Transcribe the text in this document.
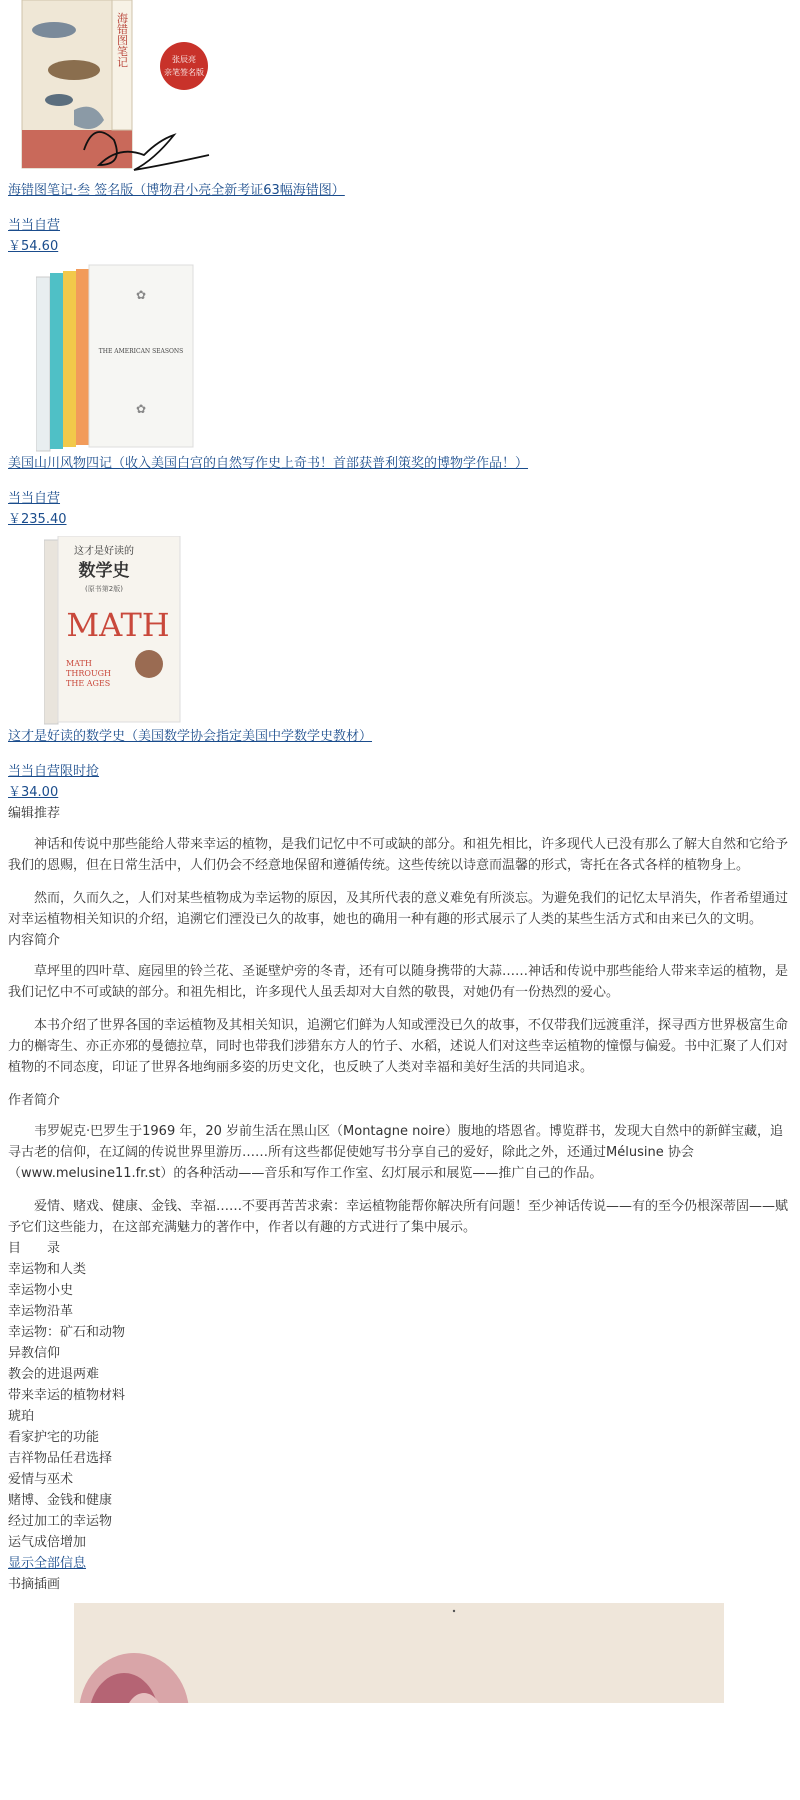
海错图笔记	张辰亮
亲笔签名版
海错图笔记·叁 签名版（博物君小亮全新考证63幅海错图）
当当自营
￥54.60
THE AMERICAN SEASONS
✿
✿
美国山川风物四记（收入美国白宫的自然写作史上奇书！首部获普利策奖的博物学作品！）
当当自营
￥235.40
这才是好读的
数学史
(原书第2版)
MATH
MATH
THROUGH
THE AGES
这才是好读的数学史（美国数学协会指定美国中学数学史教材）
当当自营限时抢
￥34.00
编辑推荐

神话和传说中那些能给人带来幸运的植物，是我们记忆中不可或缺的部分。和祖先相比，许多现代人已没有那么了解大自然和它给予我们的恩赐，但在日常生活中，人们仍会不经意地保留和遵循传统。这些传统以诗意而温馨的形式，寄托在各式各样的植物身上。

然而，久而久之，人们对某些植物成为幸运物的原因，及其所代表的意义难免有所淡忘。为避免我们的记忆太早消失，作者希望通过对幸运植物相关知识的介绍，追溯它们湮没已久的故事，她也的确用一种有趣的形式展示了人类的某些生活方式和由来已久的文明。

内容简介

草坪里的四叶草、庭园里的铃兰花、圣诞壁炉旁的冬青，还有可以随身携带的大蒜……神话和传说中那些能给人带来幸运的植物，是我们记忆中不可或缺的部分。和祖先相比，许多现代人虽丢却对大自然的敬畏，对她仍有一份热烈的爱心。

本书介绍了世界各国的幸运植物及其相关知识，追溯它们鲜为人知或湮没已久的故事，不仅带我们远渡重洋，探寻西方世界极富生命力的槲寄生、亦正亦邪的曼德拉草，同时也带我们涉猎东方人的竹子、水稻，述说人们对这些幸运植物的憧憬与偏爱。书中汇聚了人们对植物的不同态度，印证了世界各地绚丽多姿的历史文化，也反映了人类对幸福和美好生活的共同追求。

作者简介

韦罗妮克·巴罗生于1969 年，20 岁前生活在黑山区（Montagne noire）腹地的塔恩省。博览群书，发现大自然中的新鲜宝藏，追寻古老的信仰，在辽阔的传说世界里游历……所有这些都促使她写书分享自己的爱好，除此之外，还通过Mélusine 协会（www.melusine11.fr.st）的各种活动——音乐和写作工作室、幻灯展示和展览——推广自己的作品。

爱情、赌戏、健康、金钱、幸福……不要再苦苦求索：幸运植物能帮你解决所有问题！至少神话传说——有的至今仍根深蒂固——赋予它们这些能力，在这部充满魅力的著作中，作者以有趣的方式进行了集中展示。

目　　录
幸运物和人类
幸运物小史
幸运物沿革
幸运物：矿石和动物
异教信仰
教会的进退两难
带来幸运的植物材料
琥珀
看家护宅的功能
吉祥物品任君选择
爱情与巫术
赌博、金钱和健康
经过加工的幸运物
运气成倍增加
显示全部信息
书摘插画
